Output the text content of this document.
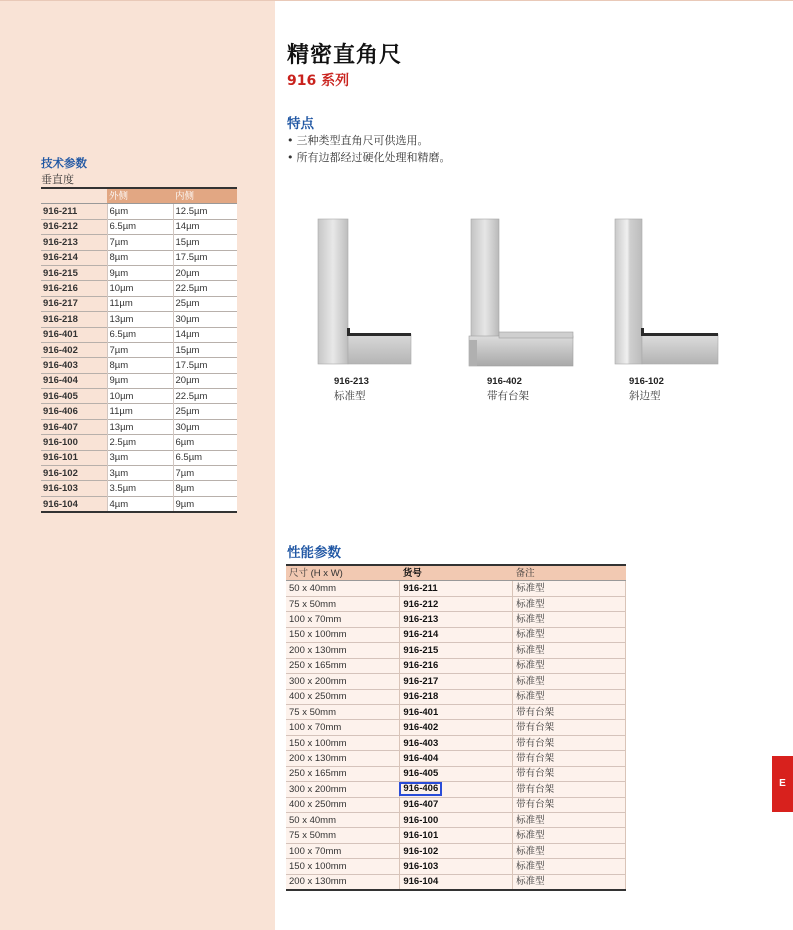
技术参数
垂直度
	外侧	内侧
916-211	6µm	12.5µm
916-212	6.5µm	14µm
916-213	7µm	15µm
916-214	8µm	17.5µm
916-215	9µm	20µm
916-216	10µm	22.5µm
916-217	11µm	25µm
916-218	13µm	30µm
916-401	6.5µm	14µm
916-402	7µm	15µm
916-403	8µm	17.5µm
916-404	9µm	20µm
916-405	10µm	22.5µm
916-406	11µm	25µm
916-407	13µm	30µm
916-100	2.5µm	6µm
916-101	3µm	6.5µm
916-102	3µm	7µm
916-103	3.5µm	8µm
916-104	4µm	9µm
精密直角尺
916 系列
特点
• 三种类型直角尺可供选用。
• 所有边都经过硬化处理和精磨。
916-213
标准型
916-402
带有台架
916-102
斜边型
性能参数
尺寸 (H x W)	货号	备注
50 x 40mm	916-211	标准型
75 x 50mm	916-212	标准型
100 x 70mm	916-213	标准型
150 x 100mm	916-214	标准型
200 x 130mm	916-215	标准型
250 x 165mm	916-216	标准型
300 x 200mm	916-217	标准型
400 x 250mm	916-218	标准型
75 x 50mm	916-401	带有台架
100 x 70mm	916-402	带有台架
150 x 100mm	916-403	带有台架
200 x 130mm	916-404	带有台架
250 x 165mm	916-405	带有台架
300 x 200mm	916-406	带有台架
400 x 250mm	916-407	带有台架
50 x 40mm	916-100	标准型
75 x 50mm	916-101	标准型
100 x 70mm	916-102	标准型
150 x 100mm	916-103	标准型
200 x 130mm	916-104	标准型
E
